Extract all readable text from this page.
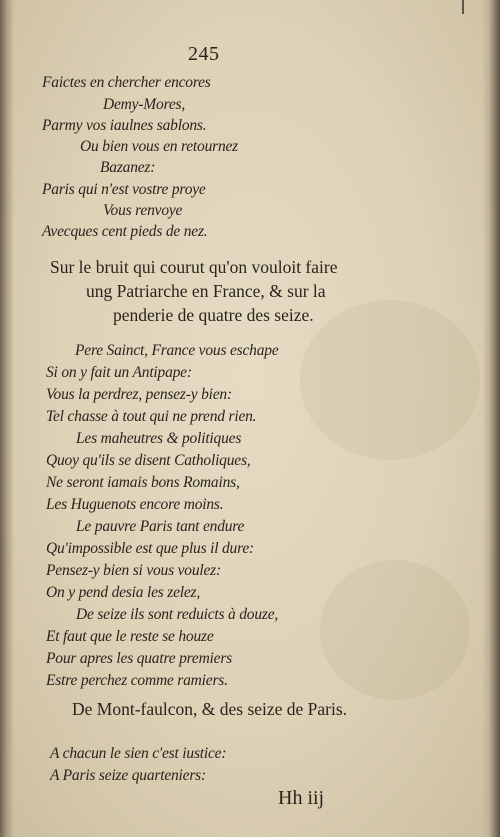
245
Faictes en chercher encores
Demy-Mores,
Parmy vos iaulnes sablons.
Ou bien vous en retournez
Bazanez:
Paris qui n'est vostre proye
Vous renvoye
Avecques cent pieds de nez.
Sur le bruit qui courut qu'on vouloit faire
ung Patriarche en France, & sur la
penderie de quatre des seize.
Pere Sainct, France vous eschape
Si on y fait un Antipape:
Vous la perdrez, pensez-y bien:
Tel chasse à tout qui ne prend rien.
Les maheutres & politiques
Quoy qu'ils se disent Catholiques,
Ne seront iamais bons Romains,
Les Huguenots encore moins.
Le pauvre Paris tant endure
Qu'impossible est que plus il dure:
Pensez-y bien si vous voulez:
On y pend desia les zelez,
De seize ils sont reduicts à douze,
Et faut que le reste se houze
Pour apres les quatre premiers
Estre perchez comme ramiers.
De Mont-faulcon, & des seize de Paris.
A chacun le sien c'est iustice:
A Paris seize quarteniers:
Hh iij
